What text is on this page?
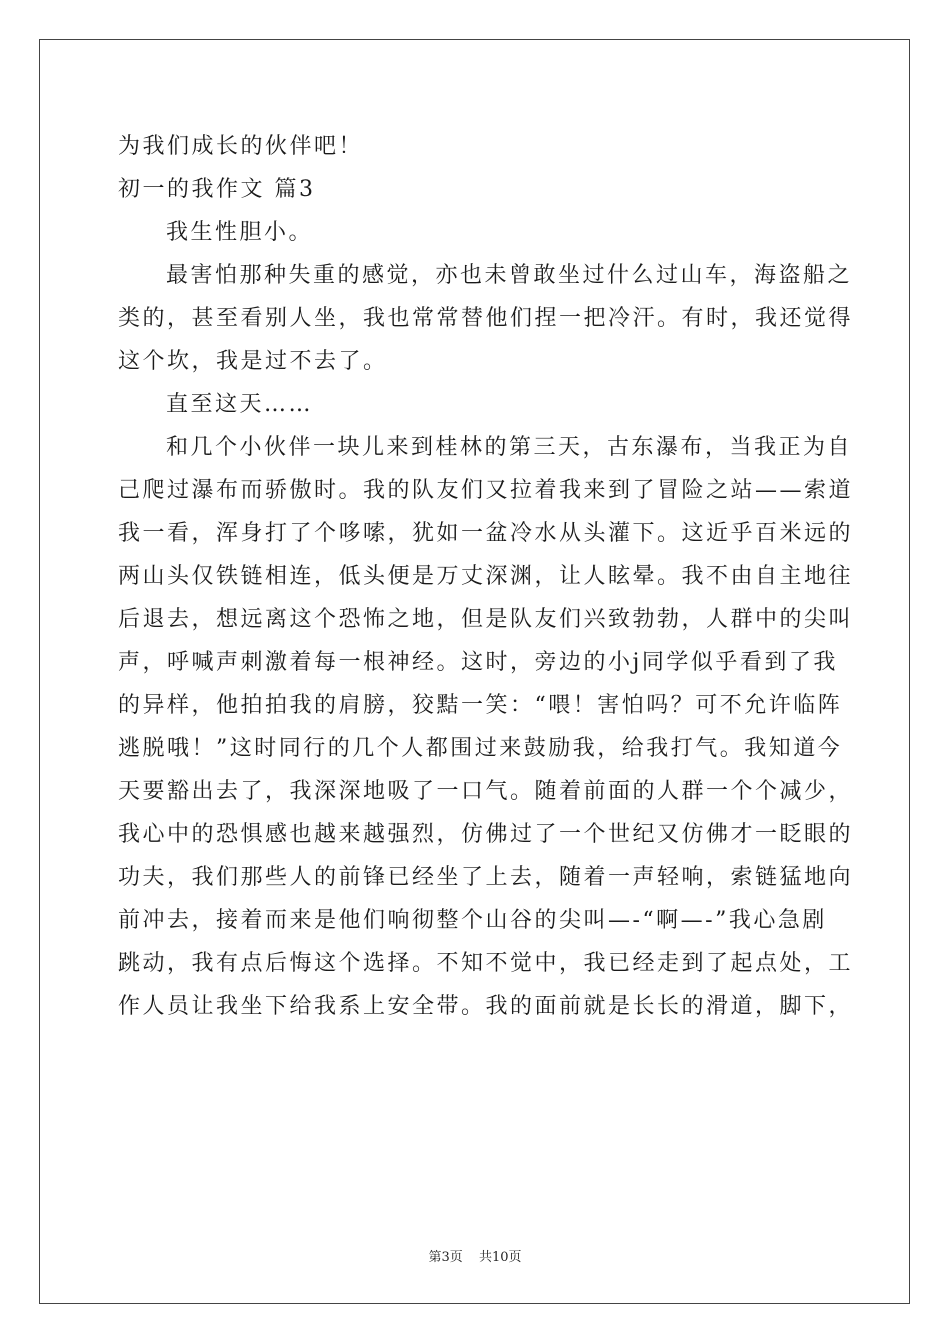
为我们成长的伙伴吧！
初一的我作文 篇3
我生性胆小。
最害怕那种失重的感觉，亦也未曾敢坐过什么过山车，海盗船之
类的，甚至看别人坐，我也常常替他们捏一把冷汗。有时，我还觉得
这个坎，我是过不去了。
直至这天……
和几个小伙伴一块儿来到桂林的第三天，古东瀑布，当我正为自
己爬过瀑布而骄傲时。我的队友们又拉着我来到了冒险之站——索道
我一看，浑身打了个哆嗦，犹如一盆冷水从头灌下。这近乎百米远的
两山头仅铁链相连，低头便是万丈深渊，让人眩晕。我不由自主地往
后退去，想远离这个恐怖之地，但是队友们兴致勃勃，人群中的尖叫
声，呼喊声刺激着每一根神经。这时，旁边的小j同学似乎看到了我
的异样，他拍拍我的肩膀，狡黠一笑：“喂！害怕吗？可不允许临阵
逃脱哦！”这时同行的几个人都围过来鼓励我，给我打气。我知道今
天要豁出去了，我深深地吸了一口气。随着前面的人群一个个减少，
我心中的恐惧感也越来越强烈，仿佛过了一个世纪又仿佛才一眨眼的
功夫，我们那些人的前锋已经坐了上去，随着一声轻响，索链猛地向
前冲去，接着而来是他们响彻整个山谷的尖叫—-“啊—-”我心急剧
跳动，我有点后悔这个选择。不知不觉中，我已经走到了起点处，工
作人员让我坐下给我系上安全带。我的面前就是长长的滑道，脚下，
第3页 共10页
